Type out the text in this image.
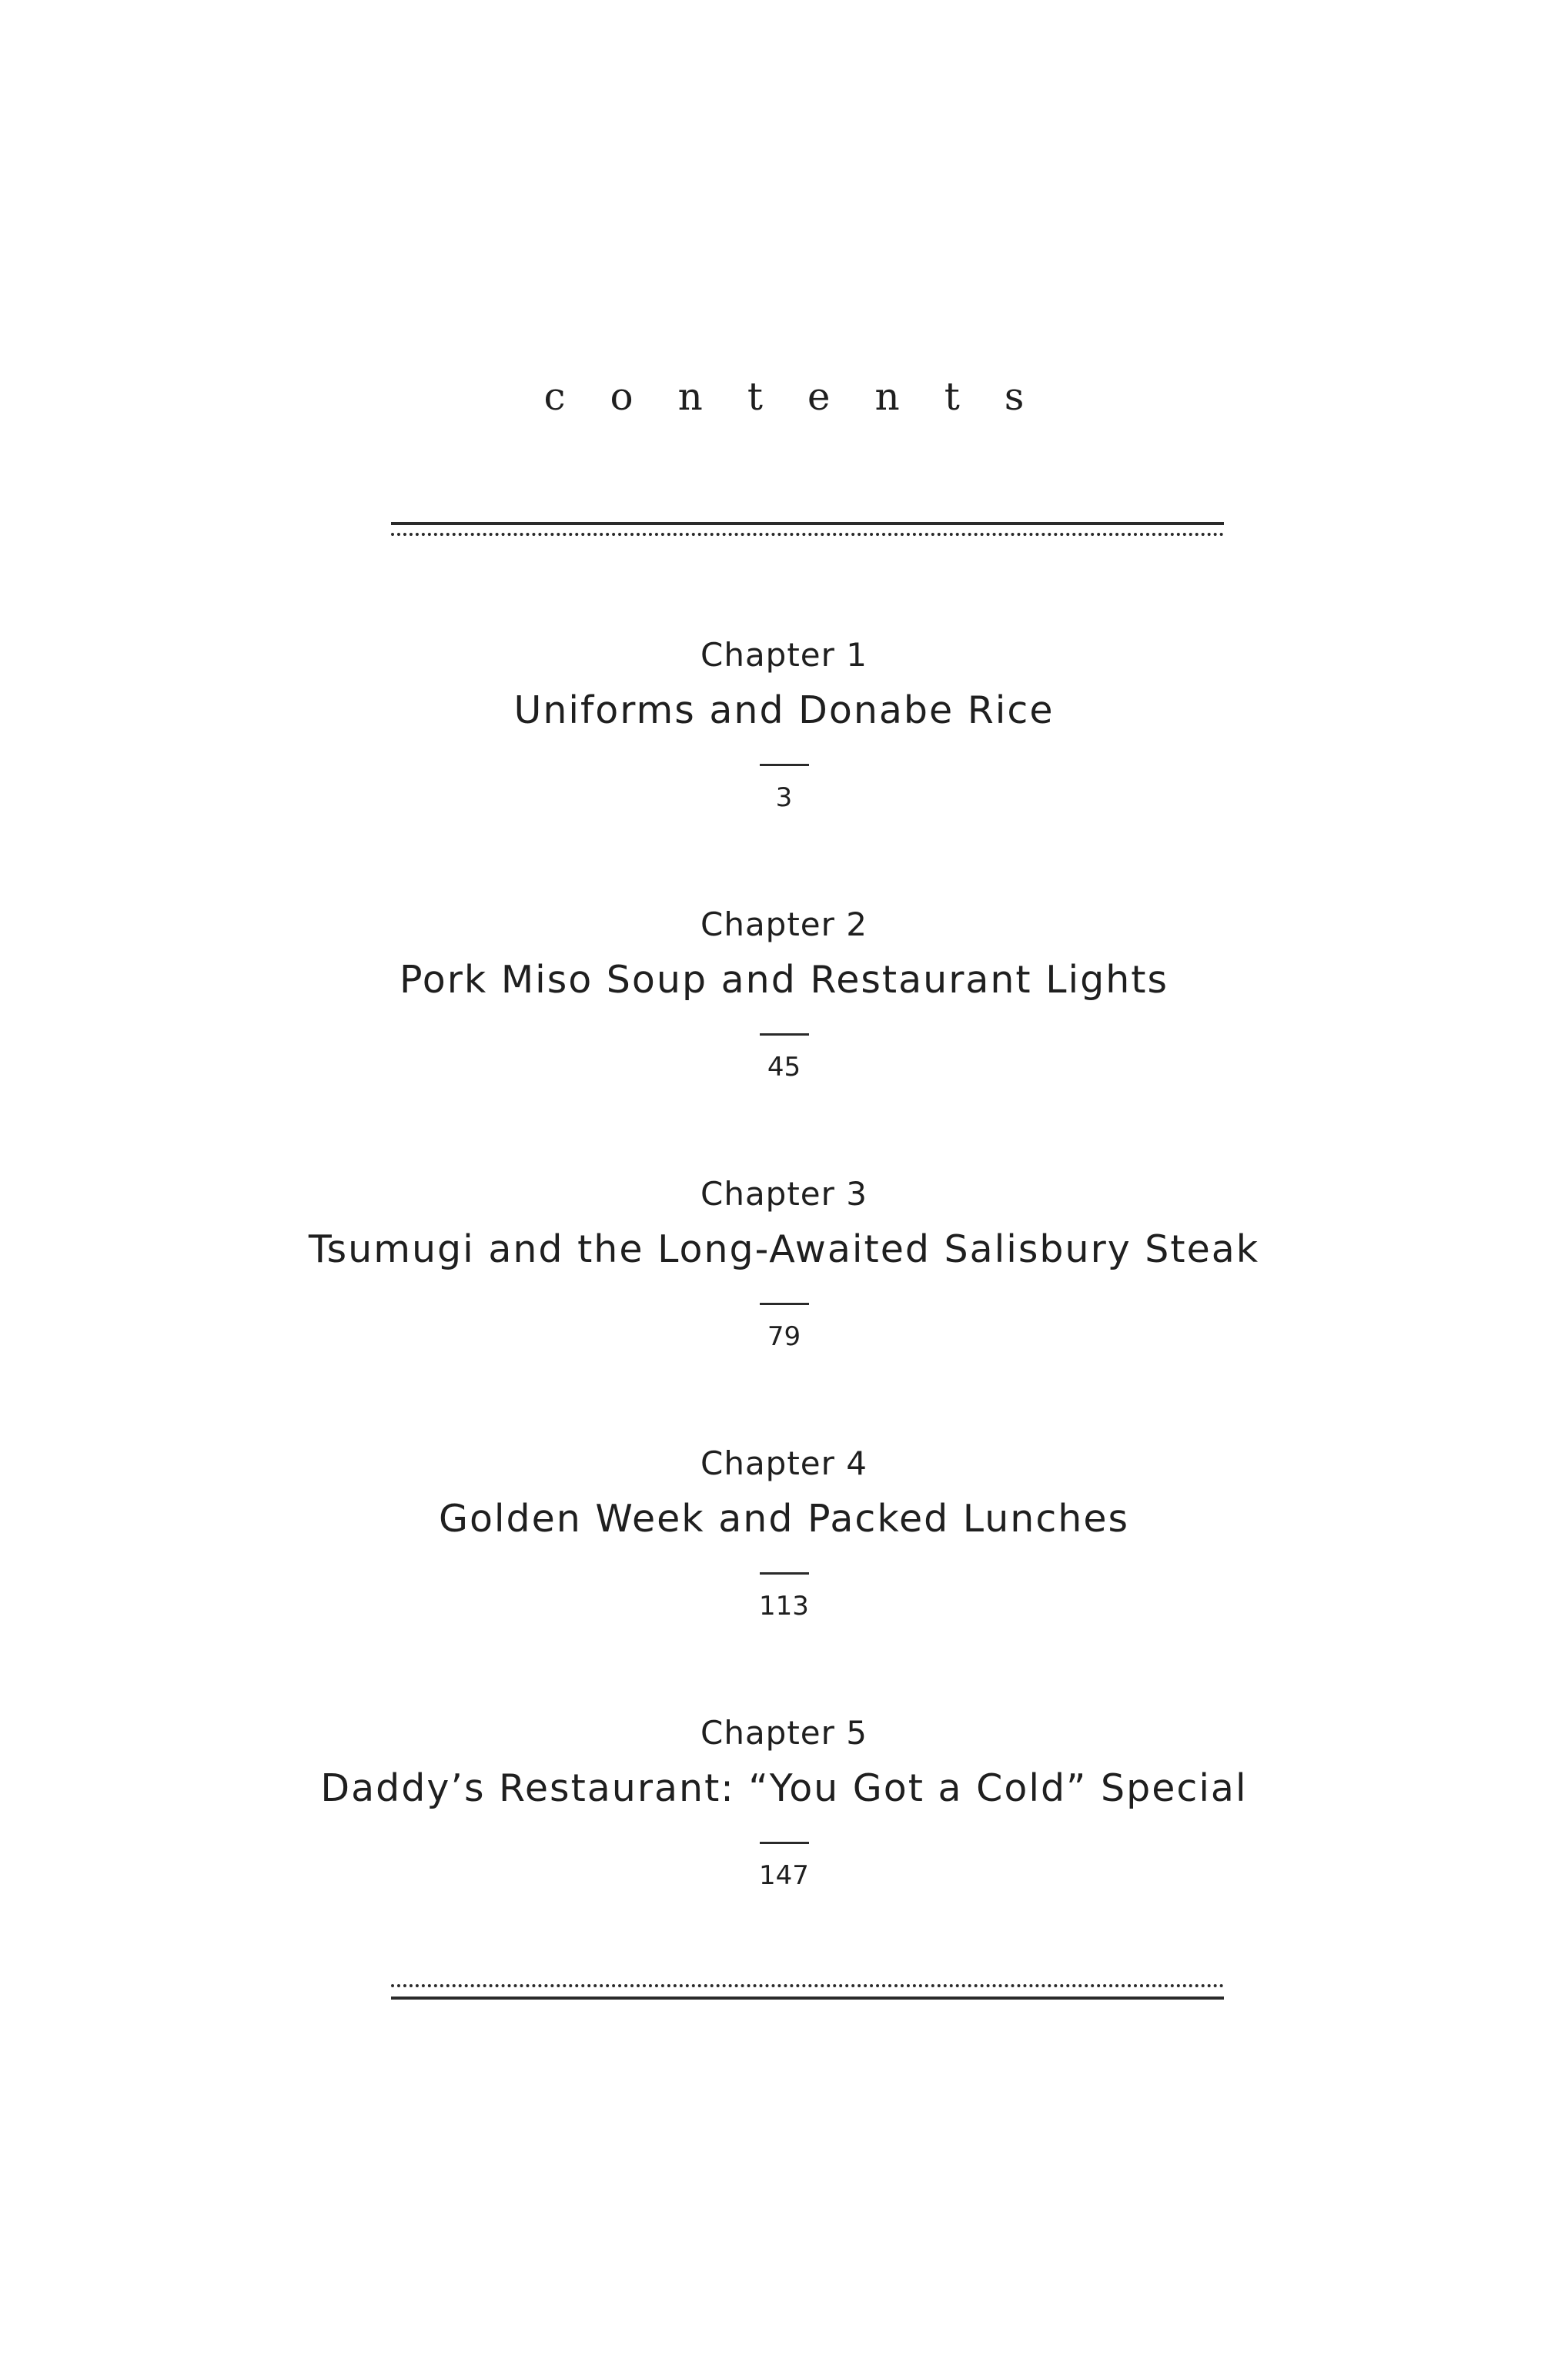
contents
Chapter 1
Uniforms and Donabe Rice
3
Chapter 2
Pork Miso Soup and Restaurant Lights
45
Chapter 3
Tsumugi and the Long-Awaited Salisbury Steak
79
Chapter 4
Golden Week and Packed Lunches
113
Chapter 5
Daddy’s Restaurant: “You Got a Cold” Special
147
